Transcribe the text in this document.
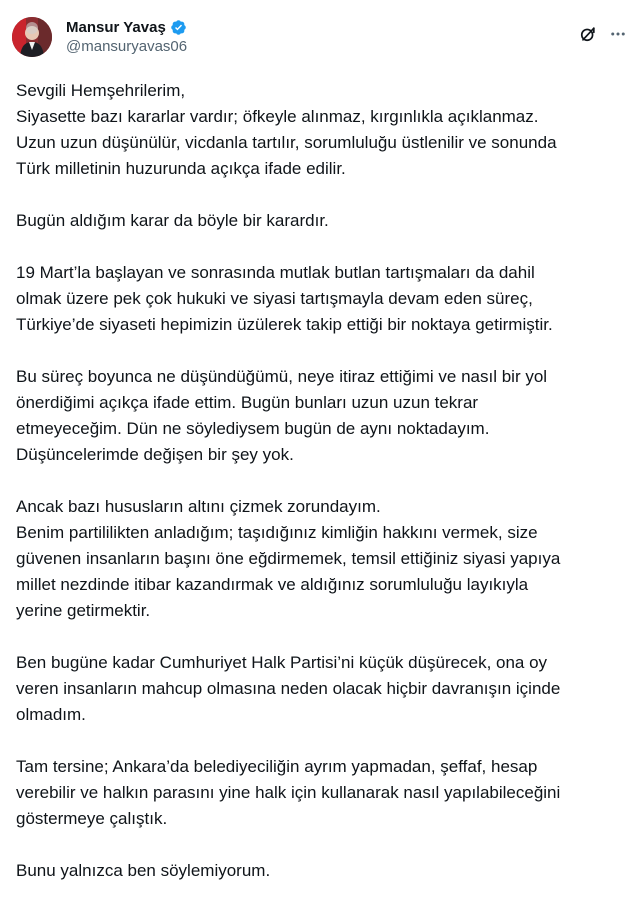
Mansur Yavaş
@mansuryavas06
Sevgili Hemşehrilerim,
Siyasette bazı kararlar vardır; öfkeyle alınmaz, kırgınlıkla açıklanmaz.
Uzun uzun düşünülür, vicdanla tartılır, sorumluluğu üstlenilir ve sonunda
Türk milletinin huzurunda açıkça ifade edilir.
Bugün aldığım karar da böyle bir karardır.
19 Mart’la başlayan ve sonrasında mutlak butlan tartışmaları da dahil
olmak üzere pek çok hukuki ve siyasi tartışmayla devam eden süreç,
Türkiye’de siyaseti hepimizin üzülerek takip ettiği bir noktaya getirmiştir.
Bu süreç boyunca ne düşündüğümü, neye itiraz ettiğimi ve nasıl bir yol
önerdiğimi açıkça ifade ettim. Bugün bunları uzun uzun tekrar
etmeyeceğim. Dün ne söylediysem bugün de aynı noktadayım.
Düşüncelerimde değişen bir şey yok.
Ancak bazı hususların altını çizmek zorundayım.
Benim partililikten anladığım; taşıdığınız kimliğin hakkını vermek, size
güvenen insanların başını öne eğdirmemek, temsil ettiğiniz siyasi yapıya
millet nezdinde itibar kazandırmak ve aldığınız sorumluluğu layıkıyla
yerine getirmektir.
Ben bugüne kadar Cumhuriyet Halk Partisi’ni küçük düşürecek, ona oy
veren insanların mahcup olmasına neden olacak hiçbir davranışın içinde
olmadım.
Tam tersine; Ankara’da belediyeciliğin ayrım yapmadan, şeffaf, hesap
verebilir ve halkın parasını yine halk için kullanarak nasıl yapılabileceğini
göstermeye çalıştık.
Bunu yalnızca ben söylemiyorum.
